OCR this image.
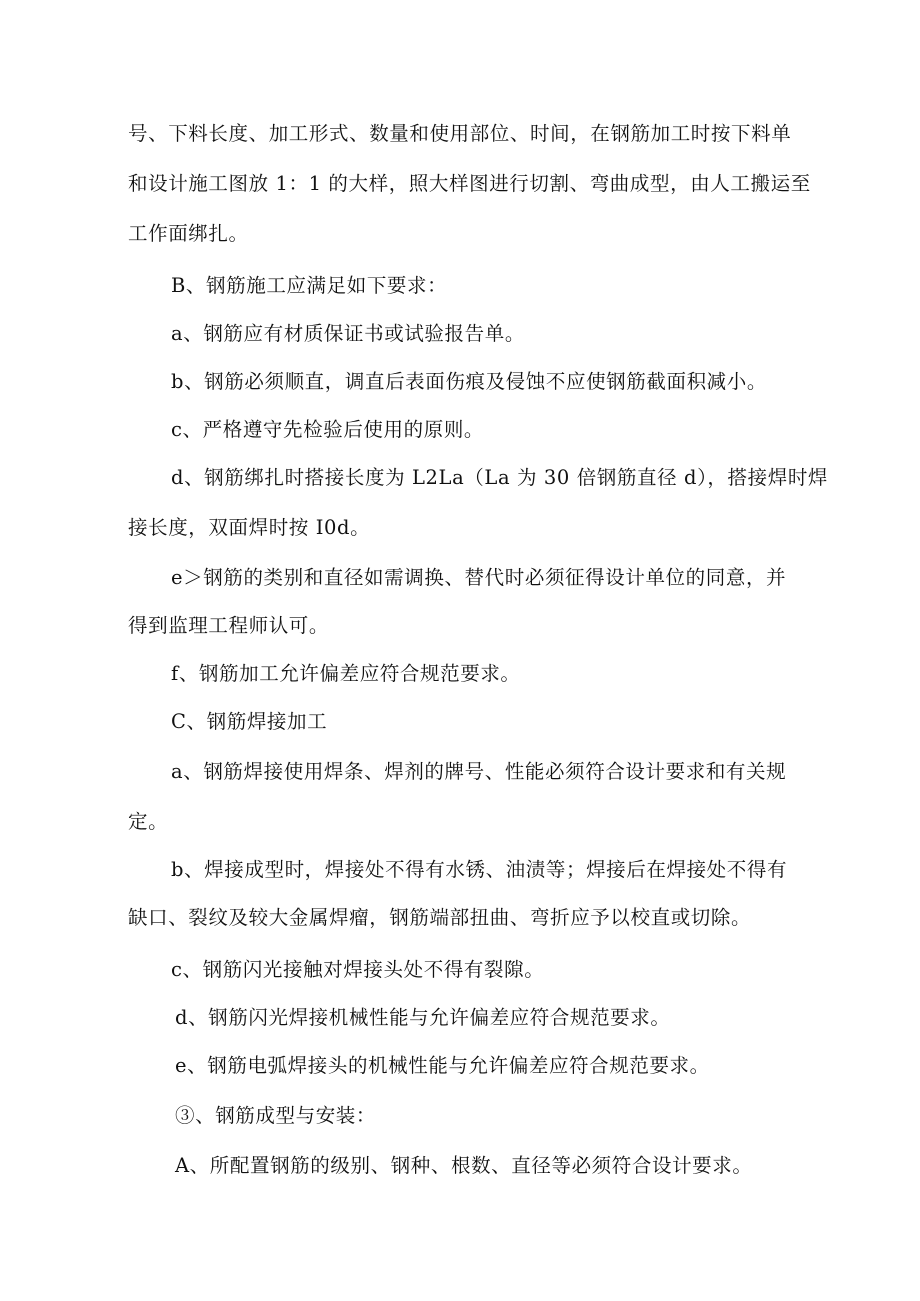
号、下料长度、加工形式、数量和使用部位、时间，在钢筋加工时按下料单
和设计施工图放 1：1 的大样，照大样图进行切割、弯曲成型，由人工搬运至
工作面绑扎。
B、钢筋施工应满足如下要求：
a、钢筋应有材质保证书或试验报告单。
b、钢筋必须顺直，调直后表面伤痕及侵蚀不应使钢筋截面积减小。
c、严格遵守先检验后使用的原则。
d、钢筋绑扎时搭接长度为 L2La（La 为 30 倍钢筋直径 d），搭接焊时焊
接长度，双面焊时按 I0d。
e＞钢筋的类别和直径如需调换、替代时必须征得设计单位的同意，并
得到监理工程师认可。
f、钢筋加工允许偏差应符合规范要求。
C、钢筋焊接加工
a、钢筋焊接使用焊条、焊剂的牌号、性能必须符合设计要求和有关规
定。
b、焊接成型时，焊接处不得有水锈、油渍等；焊接后在焊接处不得有
缺口、裂纹及较大金属焊瘤，钢筋端部扭曲、弯折应予以校直或切除。
c、钢筋闪光接触对焊接头处不得有裂隙。
d、钢筋闪光焊接机械性能与允许偏差应符合规范要求。
e、钢筋电弧焊接头的机械性能与允许偏差应符合规范要求。
③、钢筋成型与安装：
A、所配置钢筋的级别、钢种、根数、直径等必须符合设计要求。
